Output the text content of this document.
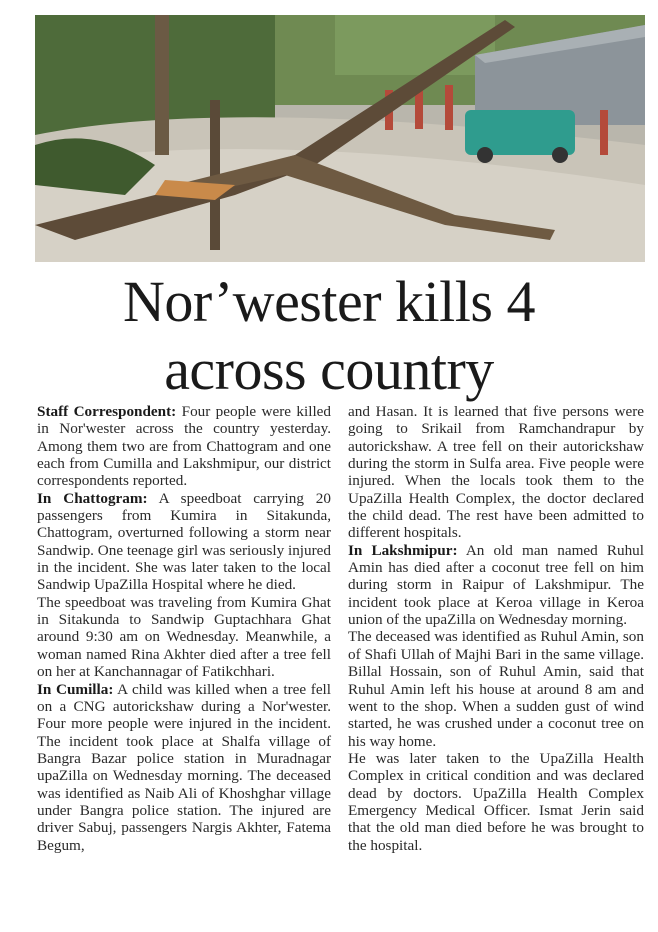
Nor’wester kills 4
across country

Staff Correspondent: Four people were killed in Nor'wester across the country yesterday. Among them two are from Chattogram and one each from Cumilla and Lakshmipur, our district correspondents reported.

In Chattogram: A speedboat carrying 20 passengers from Kumira in Sitakunda, Chattogram, overturned following a storm near Sandwip. One teenage girl was seriously injured in the incident. She was later taken to the local Sandwip UpaZilla Hospital where he died.

The speedboat was traveling from Kumira Ghat in Sitakunda to Sandwip Guptachhara Ghat around 9:30 am on Wednesday. Meanwhile, a woman named Rina Akhter died after a tree fell on her at Kanchannagar of Fatikchhari.

In Cumilla: A child was killed when a tree fell on a CNG autorickshaw during a Nor'wester. Four more people were injured in the incident. The incident took place at Shalfa village of Bangra Bazar police station in Muradnagar upaZilla on Wednesday morning. The deceased was identified as Naib Ali of Khoshghar village under Bangra police station. The injured are driver Sabuj, passengers Nargis Akhter, Fatema Begum,

and Hasan. It is learned that five persons were going to Srikail from Ramchandrapur by autorickshaw. A tree fell on their autorickshaw during the storm in Sulfa area. Five people were injured. When the locals took them to the UpaZilla Health Complex, the doctor declared the child dead. The rest have been admitted to different hospitals.

In Lakshmipur: An old man named Ruhul Amin has died after a coconut tree fell on him during storm in Raipur of Lakshmipur. The incident took place at Keroa village in Keroa union of the upaZilla on Wednesday morning.

The deceased was identified as Ruhul Amin, son of Shafi Ullah of Majhi Bari in the same village. Billal Hossain, son of Ruhul Amin, said that Ruhul Amin left his house at around 8 am and went to the shop. When a sudden gust of wind started, he was crushed under a coconut tree on his way home.

He was later taken to the UpaZilla Health Complex in critical condition and was declared dead by doctors. UpaZilla Health Complex Emergency Medical Officer. Ismat Jerin said that the old man died before he was brought to the hospital.
